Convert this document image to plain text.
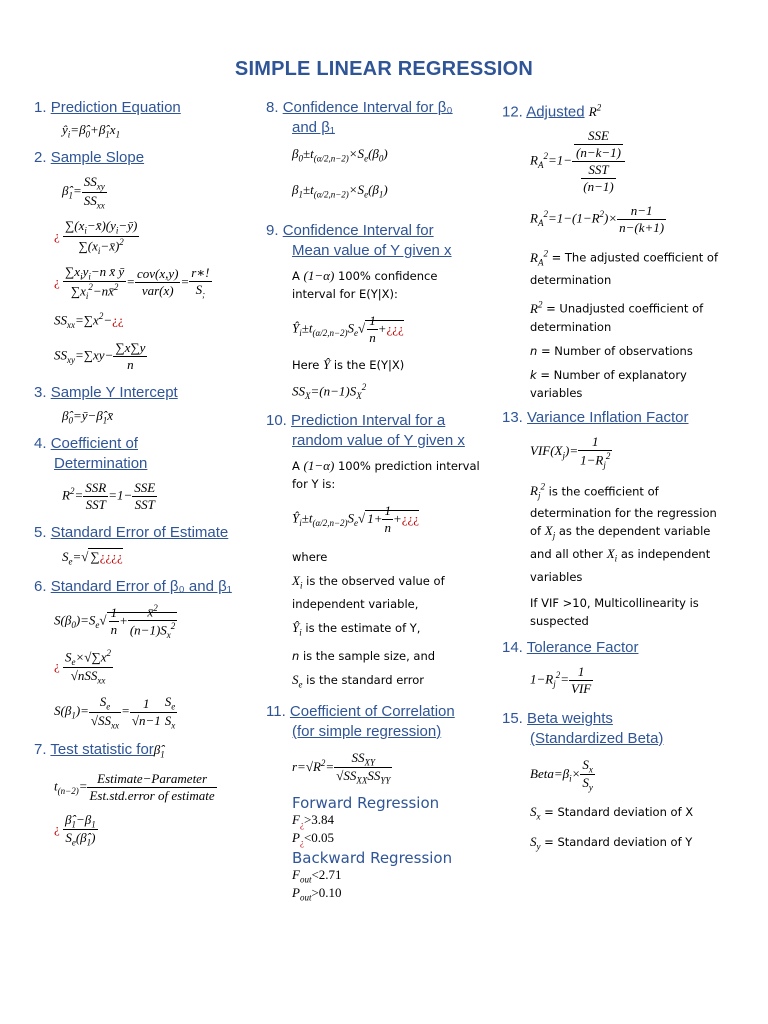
SIMPLE LINEAR REGRESSION

1. Prediction Equation

$ŷ_i=\betâ_0+\betâ_1x_1$

2. Sample Slope

$\betâ_1= \frac{SS_{xy}}{SS_{xx}}$
¿ $\frac{\sum(x_i-x̄)(y_i-ȳ)}{\sum(x_i-x̄)^2}$
¿ $\frac{\sum x_iy_i-n x̄ ȳ}{\sum x_i^2-nx̄^2} = \frac{\text{cov(x,y)}}{\text{var(x)}} = \frac{r∗!}{S_;}$
$SS_{xx}=\sum x^2-¿¿$
$SS_{xy}=\sum xy- \frac{\sum x\sum y}{n}$

3. Sample Y Intercept

$\betâ_0=ȳ-\betâ_1x̄$

4. Coefficient of
Determination

$R^2= \frac{\text{SSR}}{\text{SST}} =1- \frac{\text{SSE}}{\text{SST}}$

5. Standard Error of Estimate

$S_e=√$ ∑¿¿¿¿

6. Standard Error of β₀ and β₁

$S(\beta_0)=S_e√ \frac{1}{n} + \frac{x̄^2}{(n-1)S_x^2}$
¿ $\frac{S_e\times√\sum x^2}{√nSS_{xx}}$
$S(\beta_1)= \frac{S_e}{√SS_{xx}} = \frac{1}{√n-1} \frac{S_e}{S_x}$

7. Test statistic $for\betâ_1$

$t_{(n-2)}= \frac{\text{Estimate−Parameter}}{\text{Est.std.error of estimate}}$
¿ $\frac{\betâ_1-\beta_1}{S_e(\betâ_1)}$

8. Confidence Interval for β₀
and β₁

$\beta_0\pm t_{(\alpha/2,n-2)}\times S_e(\beta_0)$
$\beta_1\pm t_{(\alpha/2,n-2)}\times S_e(\beta_1)$

9. Confidence Interval for
Mean value of Y given x

A (1−α) 100% confidence
interval for E(Y|X):
$Ŷ_i\pm t_{(\alpha/2,n-2)}S_e√ \frac{1}{n}$ +¿¿¿
Here Ŷ is the E(Y|X)
$SS_X=(n-1)S_X^2$

10. Prediction Interval for a
random value of Y given x

A (1−α) 100% prediction interval
for Y is:
$Ŷ_i\pm t_{(\alpha/2,n-2)}S_e√$ $1+ \frac{1}{n}$ +¿¿¿
where
$X_i$ is the observed value of
independent variable,
$Ŷ_i$ is the estimate of Y,
n is the sample size, and
$S_e$ is the standard error

11. Coefficient of Correlation
(for simple regression)

$r=√R^2= \frac{SS_{XY}}{√SS_{XX}SS_{YY}}$
Forward Regression
$F_¿>3.84$
$P_¿<0.05$
Backward Regression
$F_{out}<2.71$
$P_{out}>0.10$

12. Adjusted $R^2$

$R_A^2=1- \frac{\frac{\text{SSE}}{(n-k-1)}}{\frac{\text{SST}}{(n-1)}}$
$R_A^2=1-(1-R^2)\times \frac{n-1}{n-(k+1)}$
$R_A^2$ = The adjusted coefficient of
determination
$R^2$ = Unadjusted coefficient of
determination
n = Number of observations
k = Number of explanatory
variables

13. Variance Inflation Factor

$VIF(X_j)= \frac{1}{1-R_j^2}$
$R_j^2$ is the coefficient of
determination for the regression
of $X_j$ as the dependent variable
and all other $X_i$ as independent
variables
If VIF >10, Multicollinearity is
suspected

14. Tolerance Factor

$1-R_j^2= \frac{1}{\text{VIF}}$

15. Beta weights
(Standardized Beta)

$Beta=\beta_i\times \frac{S_x}{S_y}$
$S_x$ = Standard deviation of X
$S_y$ = Standard deviation of Y
